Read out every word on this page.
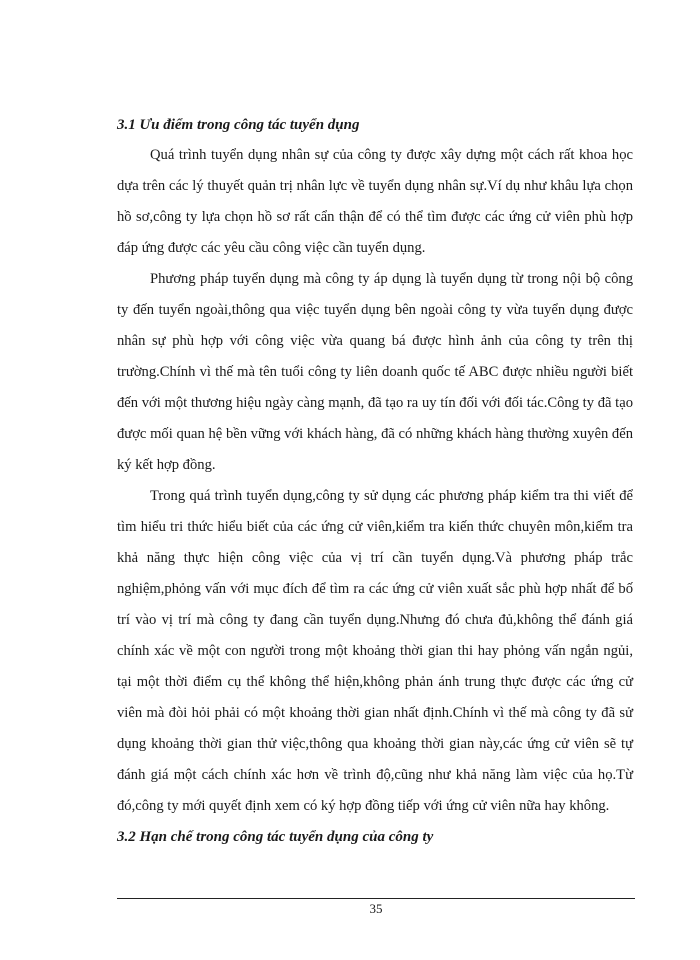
3.1 Ưu điểm trong công tác tuyển dụng

Quá trình tuyển dụng nhân sự của công ty được xây dựng một cách rất khoa học dựa trên các lý thuyết quản trị nhân lực về tuyển dụng nhân sự.Ví dụ như khâu lựa chọn hồ sơ,công ty lựa chọn hồ sơ rất cẩn thận để có thể tìm được các ứng cử viên phù hợp đáp ứng được các yêu cầu công việc cần tuyển dụng.

Phương pháp tuyển dụng mà công ty áp dụng là tuyển dụng từ trong nội bộ công ty đến tuyển ngoài,thông qua việc tuyển dụng bên ngoài công ty vừa tuyển dụng được nhân sự phù hợp với công việc vừa quang bá được hình ảnh của công ty trên thị trường.Chính vì thế mà tên tuổi công ty liên doanh quốc tế ABC được nhiều người biết đến với một thương hiệu ngày càng mạnh, đã tạo ra uy tín đối với đối tác.Công ty đã tạo được mối quan hệ bền vững với khách hàng, đã có những khách hàng thường xuyên đến ký kết hợp đồng.

Trong quá trình tuyển dụng,công ty sử dụng các phương pháp kiểm tra thi viết để tìm hiểu tri thức hiểu biết của các ứng cử viên,kiểm tra kiến thức chuyên môn,kiểm tra khả năng thực hiện công việc của vị trí cần tuyển dụng.Và phương pháp trắc nghiệm,phỏng vấn với mục đích để tìm ra các ứng cử viên xuất sắc phù hợp nhất để bố trí vào vị trí mà công ty đang cần tuyển dụng.Nhưng đó chưa đủ,không thể đánh giá chính xác về một con người trong một khoảng thời gian thi hay phỏng vấn ngắn ngủi, tại một thời điểm cụ thể không thể hiện,không phản ánh trung thực được các ứng cử viên mà đòi hỏi phải có một khoảng thời gian nhất định.Chính vì thế mà công ty đã sử dụng khoảng thời gian thử việc,thông qua khoảng thời gian này,các ứng cử viên sẽ tự đánh giá một cách chính xác hơn về trình độ,cũng như khả năng làm việc của họ.Từ đó,công ty mới quyết định xem có ký hợp đồng tiếp với ứng cử viên nữa hay không.

3.2 Hạn chế trong công tác tuyển dụng của công ty

35
